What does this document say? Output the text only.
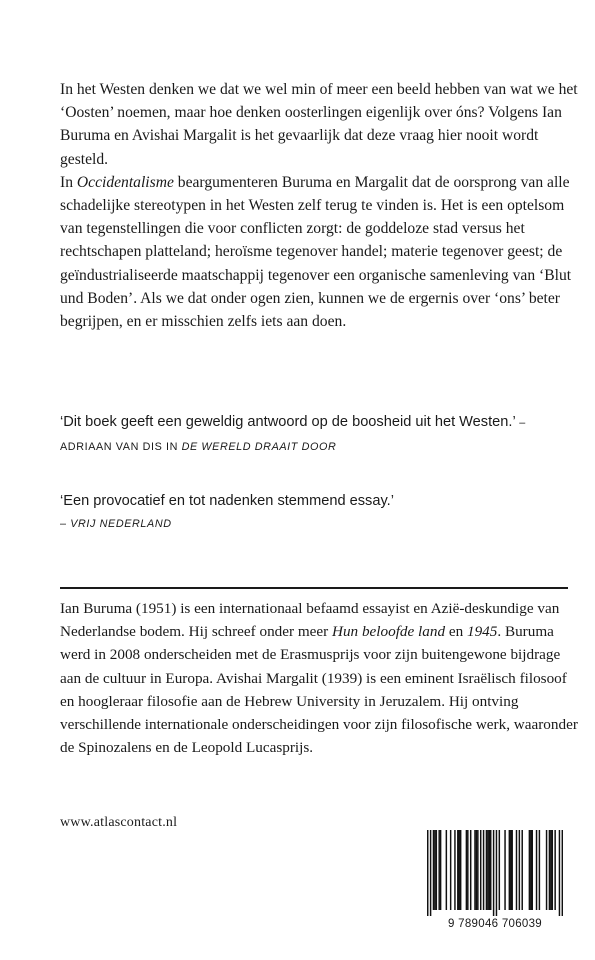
In het Westen denken we dat we wel min of meer een beeld hebben van wat we het ‘Oosten’ noemen, maar hoe denken oosterlingen eigenlijk over óns? Volgens Ian Buruma en Avishai Margalit is het gevaarlijk dat deze vraag hier nooit wordt gesteld.

In Occidentalisme beargumenteren Buruma en Margalit dat de oorsprong van alle schadelijke stereotypen in het Westen zelf terug te vinden is. Het is een optelsom van tegenstellingen die voor conflicten zorgt: de goddeloze stad versus het rechtschapen platteland; heroïsme tegenover handel; materie tegenover geest; de geïndustrialiseerde maatschappij tegenover een organische samenleving van ‘Blut und Boden’. Als we dat onder ogen zien, kunnen we de ergernis over ‘ons’ beter begrijpen, en er misschien zelfs iets aan doen.

‘Dit boek geeft een geweldig antwoord op de boosheid uit het Westen.’ – ADRIAAN VAN DIS IN DE WERELD DRAAIT DOOR
‘Een provocatief en tot nadenken stemmend essay.’
– VRIJ NEDERLAND

Ian Buruma (1951) is een internationaal befaamd essayist en Azië-deskundige van Nederlandse bodem. Hij schreef onder meer Hun beloofde land en 1945. Buruma werd in 2008 onderscheiden met de Erasmusprijs voor zijn buitengewone bijdrage aan de cultuur in Europa. Avishai Margalit (1939) is een eminent Israëlisch filosoof en hoogleraar filosofie aan de Hebrew University in Jeruzalem. Hij ontving verschillende internationale onderscheidingen voor zijn filosofische werk, waaronder de Spinozalens en de Leopold Lucasprijs.

www.atlascontact.nl
9 789046 706039
